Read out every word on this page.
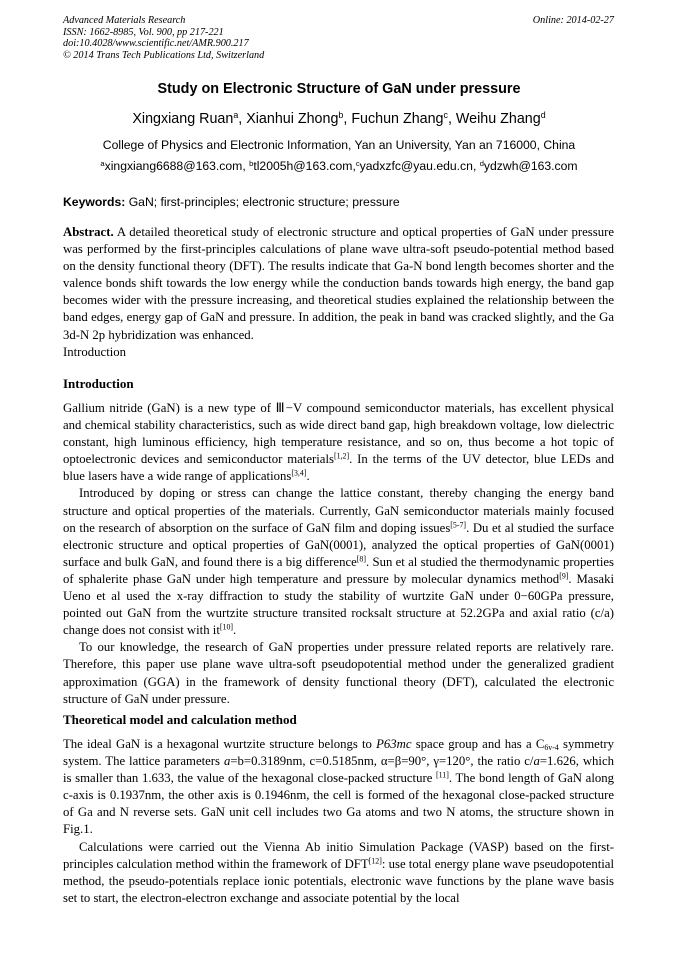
Advanced Materials Research
ISSN: 1662-8985, Vol. 900, pp 217-221
doi:10.4028/www.scientific.net/AMR.900.217
© 2014 Trans Tech Publications Ltd, Switzerland
Online: 2014-02-27
Study on Electronic Structure of GaN under pressure
Xingxiang Ruan$^a$, Xianhui Zhong$^b$, Fuchun Zhang$^c$, Weihu Zhang$^d$
College of Physics and Electronic Information, Yan an University, Yan an 716000, China
$^a$xingxiang6688@163.com, $^b$tl2005h@163.com,$^c$yadxzfc@yau.edu.cn, $^d$ydzwh@163.com
Keywords: GaN; first-principles; electronic structure; pressure

Abstract. A detailed theoretical study of electronic structure and optical properties of GaN under pressure was performed by the first-principles calculations of plane wave ultra-soft pseudo-potential method based on the density functional theory (DFT). The results indicate that Ga-N bond length becomes shorter and the valence bonds shift towards the low energy while the conduction bands towards high energy, the band gap becomes wider with the pressure increasing, and theoretical studies explained the relationship between the band edges, energy gap of GaN and pressure. In addition, the peak in band was cracked slightly, and the Ga 3d-N 2p hybridization was enhanced.

Introduction

Introduction

Gallium nitride (GaN) is a new type of Ⅲ−V compound semiconductor materials, has excellent physical and chemical stability characteristics, such as wide direct band gap, high breakdown voltage, low dielectric constant, high luminous efficiency, high temperature resistance, and so on, thus become a hot topic of optoelectronic devices and semiconductor materials[1,2]. In the terms of the UV detector, blue LEDs and blue lasers have a wide range of applications[3,4].

Introduced by doping or stress can change the lattice constant, thereby changing the energy band structure and optical properties of the materials. Currently, GaN semiconductor materials mainly focused on the research of absorption on the surface of GaN film and doping issues[5-7]. Du et al studied the surface electronic structure and optical properties of GaN(0001), analyzed the optical properties of GaN(0001) surface and bulk GaN, and found there is a big difference[8]. Sun et al studied the thermodynamic properties of sphalerite phase GaN under high temperature and pressure by molecular dynamics method[9]. Masaki Ueno et al used the x-ray diffraction to study the stability of wurtzite GaN under 0−60GPa pressure, pointed out GaN from the wurtzite structure transited rocksalt structure at 52.2GPa and axial ratio (c/a) change does not consist with it[10].

To our knowledge, the research of GaN properties under pressure related reports are relatively rare. Therefore, this paper use plane wave ultra-soft pseudopotential method under the generalized gradient approximation (GGA) in the framework of density functional theory (DFT), calculated the electronic structure of GaN under pressure.

Theoretical model and calculation method

The ideal GaN is a hexagonal wurtzite structure belongs to P63mc space group and has a $C_{6v-4}$ symmetry system. The lattice parameters a=b=0.3189nm, c=0.5185nm, α=β=90°, γ=120°, the ratio c/a=1.626, which is smaller than 1.633, the value of the hexagonal close-packed structure [11]. The bond length of GaN along c-axis is 0.1937nm, the other axis is 0.1946nm, the cell is formed of the hexagonal close-packed structure of Ga and N reverse sets. GaN unit cell includes two Ga atoms and two N atoms, the structure shown in Fig.1.

Calculations were carried out the Vienna Ab initio Simulation Package (VASP) based on the first-principles calculation method within the framework of DFT[12]: use total energy plane wave pseudopotential method, the pseudo-potentials replace ionic potentials, electronic wave functions by the plane wave basis set to start, the electron-electron exchange and associate potential by the local
